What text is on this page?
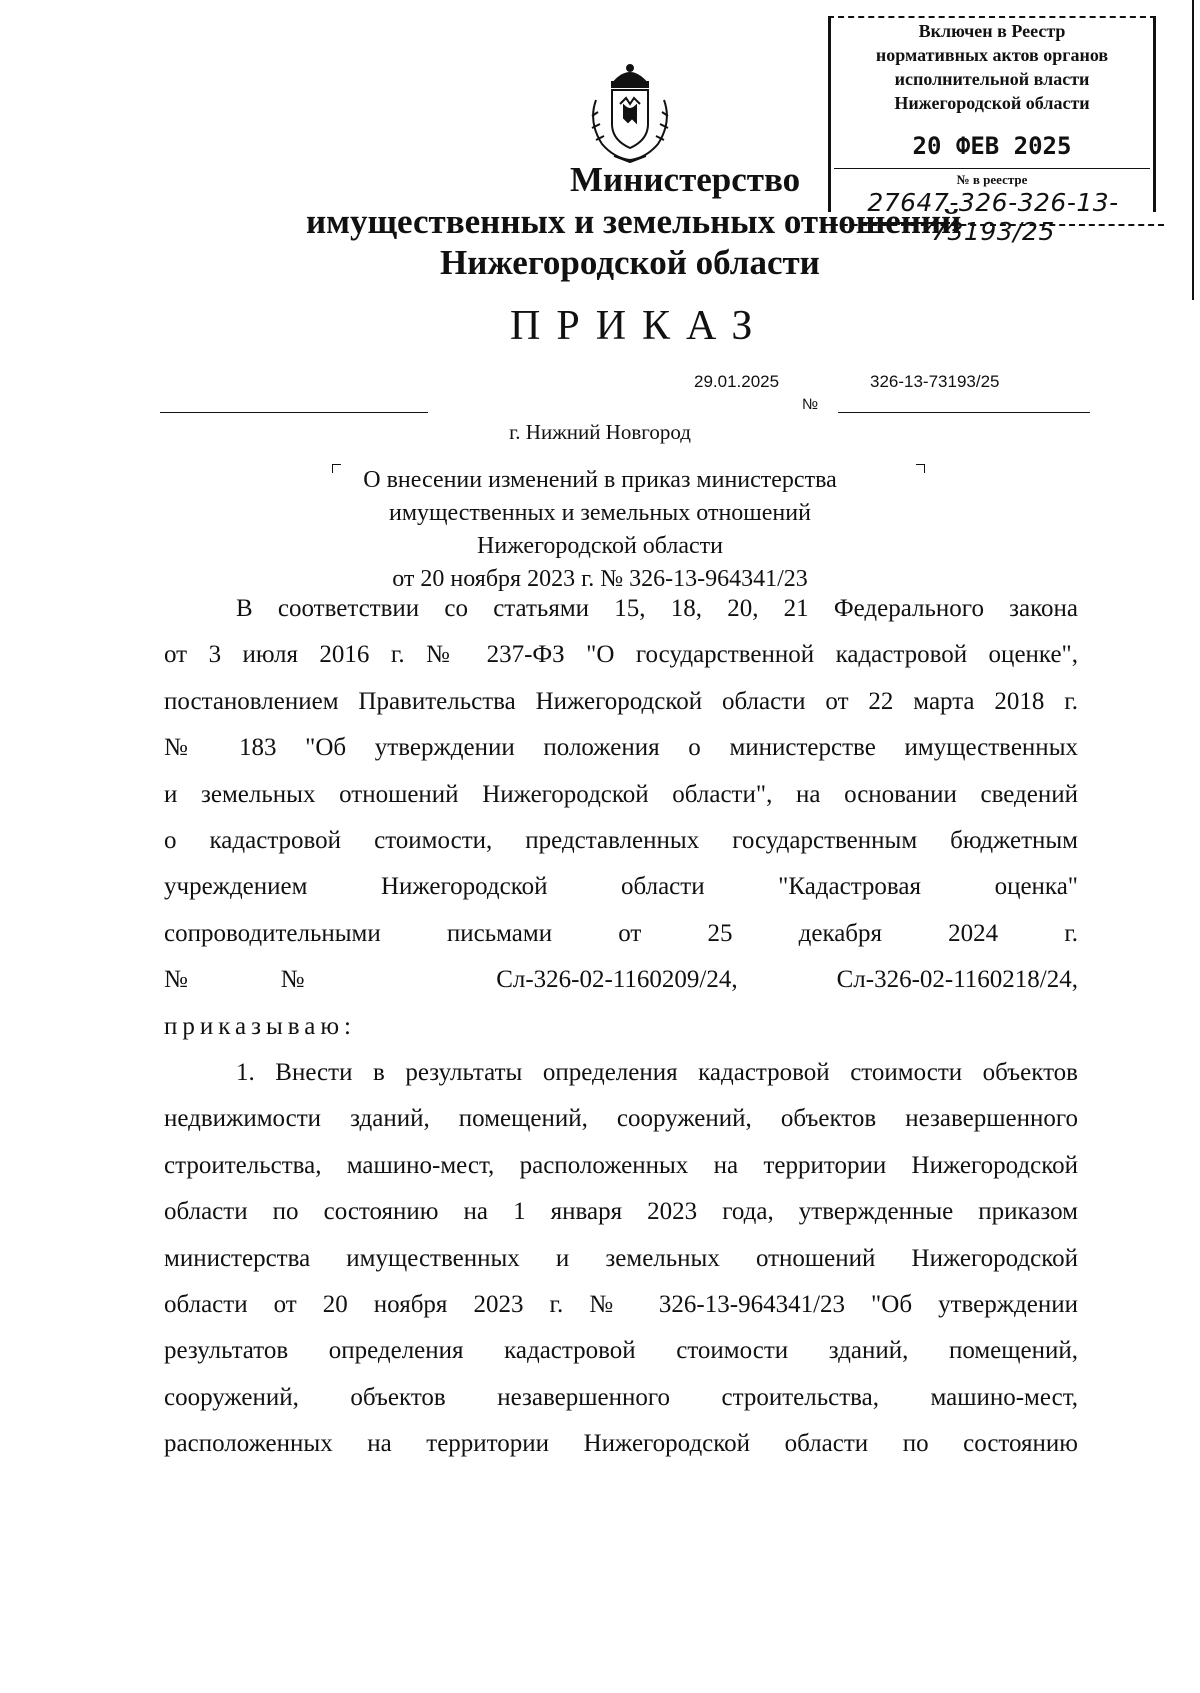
Включен в Реестр
нормативных актов органов
исполнительной власти
Нижегородской области
20 ФЕВ 2025
№ в реестре
27647-326-326-13-73193/25
Министерство
имущественных и земельных отношений
Нижегородской области
ПРИКАЗ
29.01.2025	326-13-73193/25
№
г. Нижний Новгород
О внесении изменений в приказ министерства
имущественных и земельных отношений
Нижегородской области
от 20 ноября 2023 г. № 326-13-964341/23
В соответствии со статьями 15, 18, 20, 21 Федерального закона
от 3 июля 2016 г. № 237-ФЗ "О государственной кадастровой оценке",
постановлением Правительства Нижегородской области от 22 марта 2018 г.
№ 183 "Об утверждении положения о министерстве имущественных
и земельных отношений Нижегородской области", на основании сведений
о кадастровой стоимости, представленных государственным бюджетным
учреждением Нижегородской области "Кадастровая оценка"
сопроводительными письмами от 25 декабря 2024 г.
№№ Сл-326-02-1160209/24, Сл-326-02-1160218/24,
приказываю:
1. Внести в результаты определения кадастровой стоимости объектов
недвижимости зданий, помещений, сооружений, объектов незавершенного
строительства, машино-мест, расположенных на территории Нижегородской
области по состоянию на 1 января 2023 года, утвержденные приказом
министерства имущественных и земельных отношений Нижегородской
области от 20 ноября 2023 г. № 326-13-964341/23 "Об утверждении
результатов определения кадастровой стоимости зданий, помещений,
сооружений, объектов незавершенного строительства, машино-мест,
расположенных на территории Нижегородской области по состоянию
